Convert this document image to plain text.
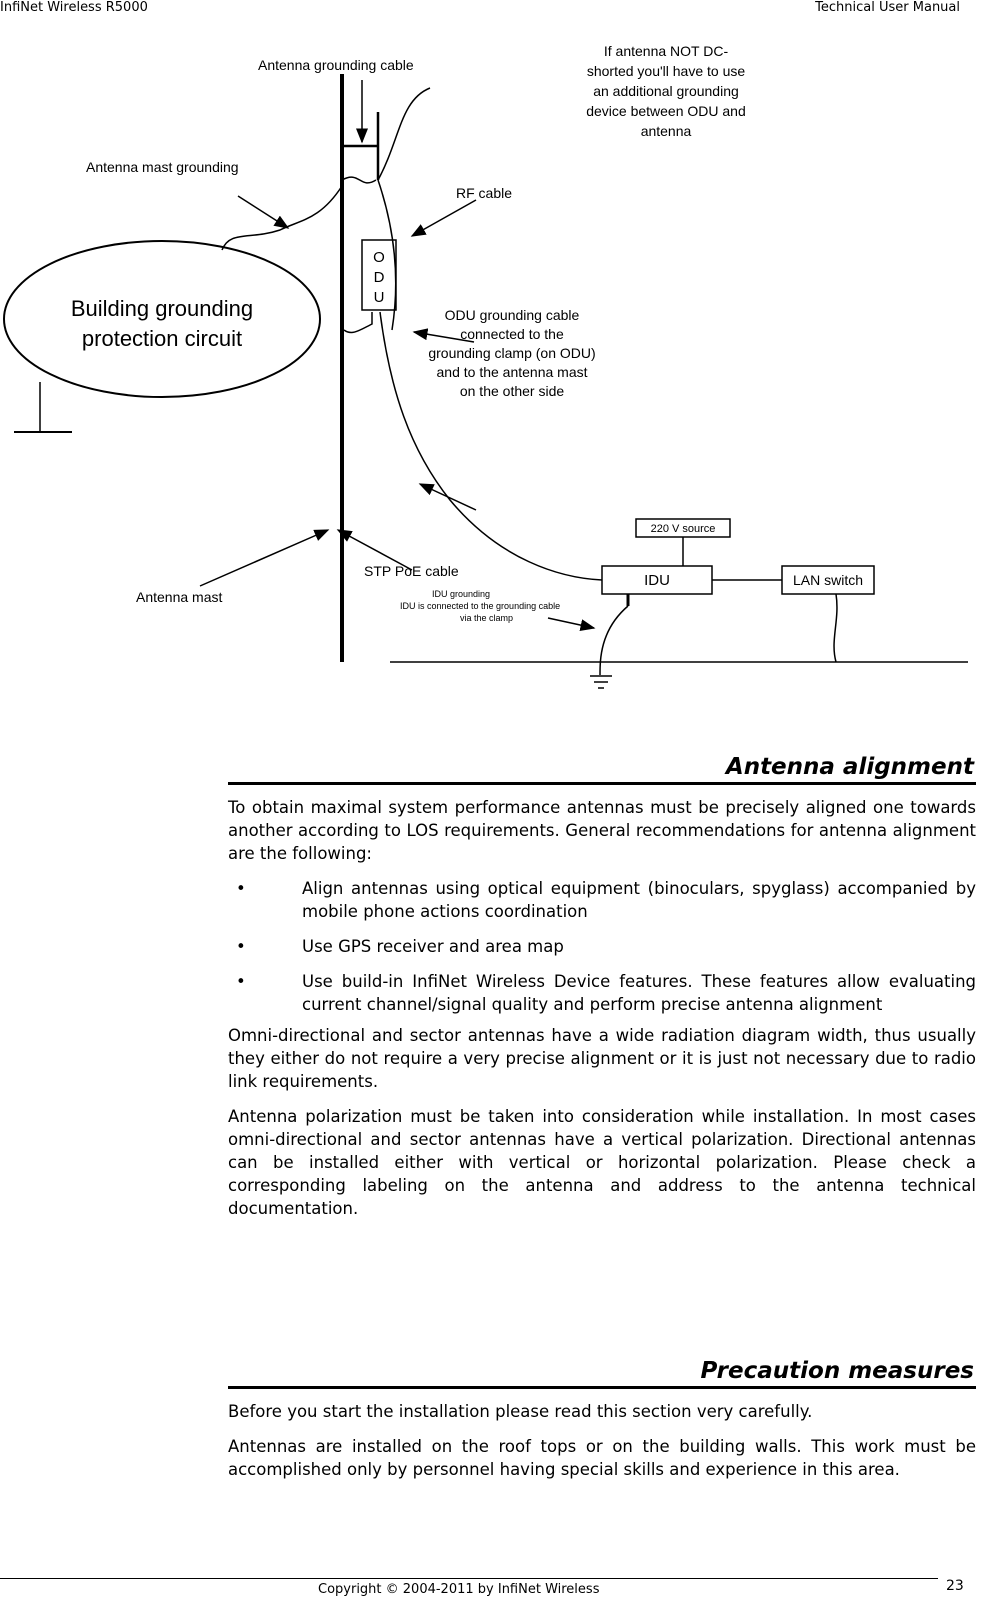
InfiNet Wireless R5000	Technical User Manual
Antenna grounding cable
If antenna NOT DC-
shorted you'll have to use
an additional grounding
device between ODU and
antenna
Antenna mast grounding
RF cable
O
D
U
Building grounding
protection circuit
ODU grounding cable
connected to the
grounding clamp (on ODU)
and to the antenna mast
on the other side
220 V source
IDU	LAN switch
STP PoE cable
IDU grounding
IDU is connected to the grounding cable
via the clamp
Antenna mast
Antenna alignment

To obtain maximal system performance antennas must be precisely aligned one towards another according to LOS requirements. General recommendations for antenna alignment are the following:

•	Align antennas using optical equipment (binoculars, spyglass) accompanied by mobile phone actions coordination
•	Use GPS receiver and area map
•	Use build-in InfiNet Wireless Device features. These features allow evaluating current channel/signal quality and perform precise antenna alignment

Omni-directional and sector antennas have a wide radiation diagram width, thus usually they either do not require a very precise alignment or it is just not necessary due to radio link requirements.

Antenna polarization must be taken into consideration while installation. In most cases omni-directional and sector antennas have a vertical polarization. Directional antennas can be installed either with vertical or horizontal polarization. Please check a corresponding labeling on the antenna and address to the antenna technical documentation.

Precaution measures

Before you start the installation please read this section very carefully.

Antennas are installed on the roof tops or on the building walls. This work must be accomplished only by personnel having special skills and experience in this area.

Copyright © 2004-2011 by InfiNet Wireless	23
